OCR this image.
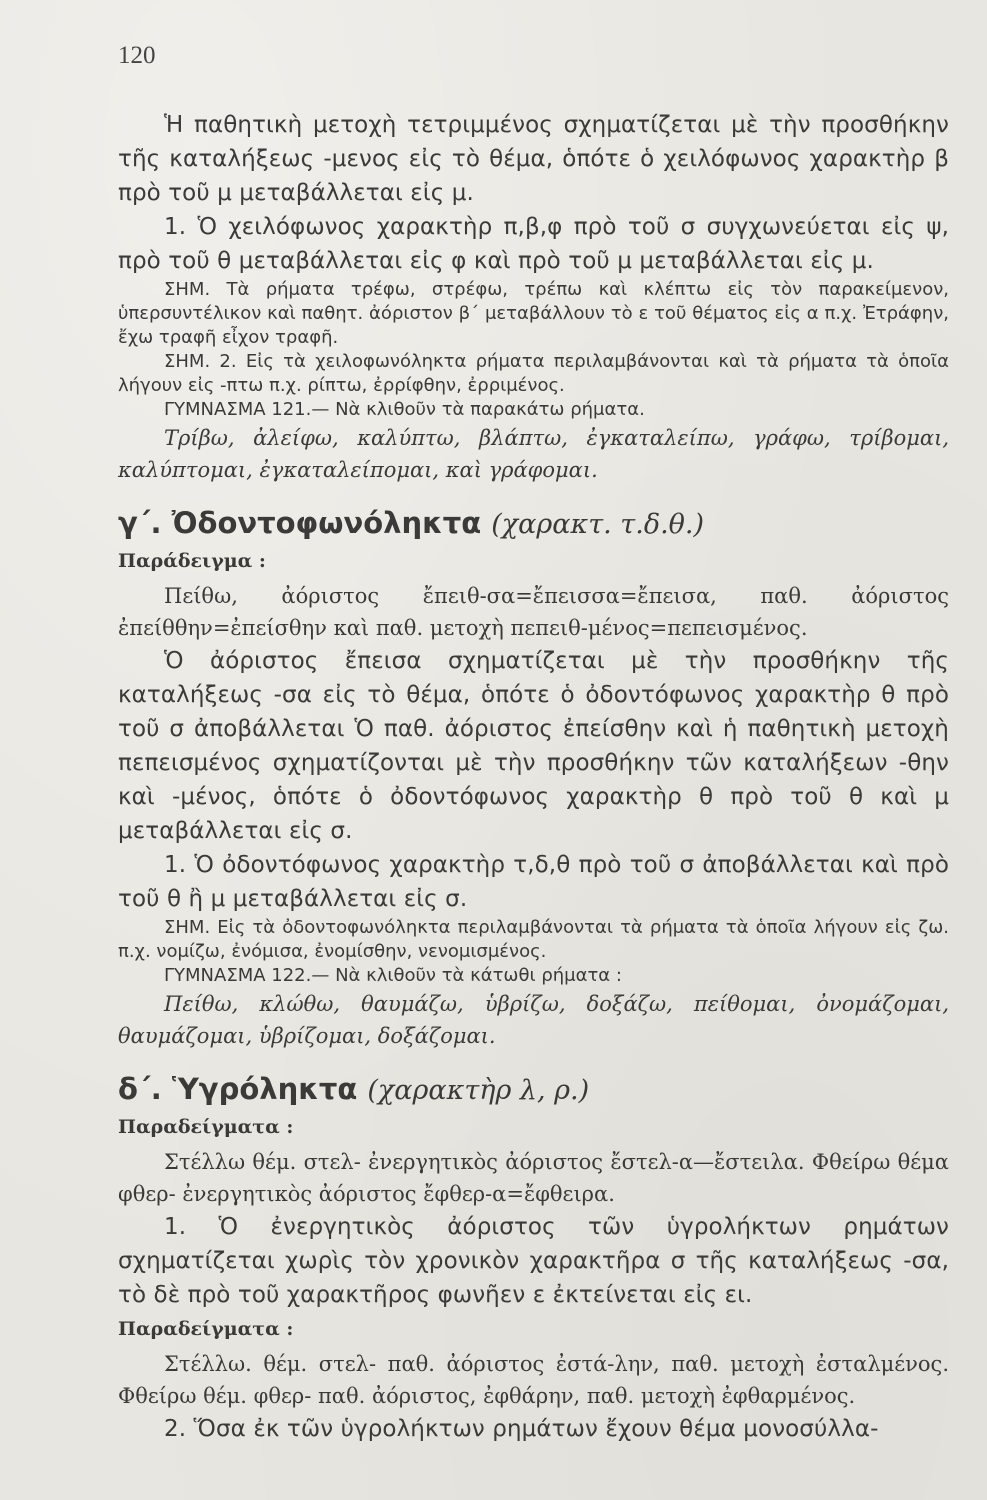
120

Ἡ παθητικὴ μετοχὴ τετριμμένος σχηματίζεται μὲ τὴν προσθήκην τῆς καταλήξεως -μενος εἰς τὸ θέμα, ὁπότε ὁ χειλόφωνος χαρακτὴρ β πρὸ τοῦ μ μεταβάλλεται εἰς μ.

1. Ὁ χειλόφωνος χαρακτὴρ π,β,φ πρὸ τοῦ σ συγχωνεύεται εἰς ψ, πρὸ τοῦ θ μεταβάλλεται εἰς φ καὶ πρὸ τοῦ μ μεταβάλλεται εἰς μ.

ΣΗΜ. Τὰ ρήματα τρέφω, στρέφω, τρέπω καὶ κλέπτω εἰς τὸν παρακείμενον, ὑπερσυντέλικον καὶ παθητ. ἀόριστον β΄ μεταβάλλουν τὸ ε τοῦ θέματος εἰς α π.χ. Ἐτράφην, ἔχω τραφῆ εἶχον τραφῆ.

ΣΗΜ. 2. Εἰς τὰ χειλοφωνόληκτα ρήματα περιλαμβάνονται καὶ τὰ ρήματα τὰ ὁποῖα λήγουν εἰς -πτω π.χ. ρίπτω, ἐρρίφθην, ἐρριμένος.

ΓΥΜΝΑΣΜΑ 121.— Νὰ κλιθοῦν τὰ παρακάτω ρήματα.

Τρίβω, ἀλείφω, καλύπτω, βλάπτω, ἐγκαταλείπω, γράφω, τρίβομαι, καλύπτομαι, ἐγκαταλείπομαι, καὶ γράφομαι.

γ΄. Ὀδοντοφωνόληκτα (χαρακτ. τ.δ.θ.)
Παράδειγμα :

Πείθω, ἀόριστος ἔπειθ-σα=ἔπεισσα=ἔπεισα, παθ. ἀόριστος ἐπείθθην=ἐπείσθην καὶ παθ. μετοχὴ πεπειθ-μένος=πεπεισμένος.

Ὁ ἀόριστος ἔπεισα σχηματίζεται μὲ τὴν προσθήκην τῆς καταλήξεως -σα εἰς τὸ θέμα, ὁπότε ὁ ὀδοντόφωνος χαρακτὴρ θ πρὸ τοῦ σ ἀποβάλλεται Ὁ παθ. ἀόριστος ἐπείσθην καὶ ἡ παθητικὴ μετοχὴ πεπεισμένος σχηματίζονται μὲ τὴν προσθήκην τῶν καταλήξεων -θην καὶ -μένος, ὁπότε ὁ ὀδοντόφωνος χαρακτὴρ θ πρὸ τοῦ θ καὶ μ μεταβάλλεται εἰς σ.

1. Ὁ ὀδοντόφωνος χαρακτὴρ τ,δ,θ πρὸ τοῦ σ ἀποβάλλεται καὶ πρὸ τοῦ θ ἢ μ μεταβάλλεται εἰς σ.

ΣΗΜ. Εἰς τὰ ὀδοντοφωνόληκτα περιλαμβάνονται τὰ ρήματα τὰ ὁποῖα λήγουν εἰς ζω. π.χ. νομίζω, ἐνόμισα, ἐνομίσθην, νενομισμένος.

ΓΥΜΝΑΣΜΑ 122.— Νὰ κλιθοῦν τὰ κάτωθι ρήματα :

Πείθω, κλώθω, θαυμάζω, ὑβρίζω, δοξάζω, πείθομαι, ὀνομάζομαι, θαυμάζομαι, ὑβρίζομαι, δοξάζομαι.

δ΄. Ὑγρόληκτα (χαρακτὴρ λ, ρ.)
Παραδείγματα :

Στέλλω θέμ. στελ- ἐνεργητικὸς ἀόριστος ἔστελ-α—ἔστειλα. Φθείρω θέμα φθερ- ἐνεργητικὸς ἀόριστος ἔφθερ-α=ἔφθειρα.

1. Ὁ ἐνεργητικὸς ἀόριστος τῶν ὑγρολήκτων ρημάτων σχηματίζεται χωρὶς τὸν χρονικὸν χαρακτῆρα σ τῆς καταλήξεως -σα, τὸ δὲ πρὸ τοῦ χαρακτῆρος φωνῆεν ε ἐκτείνεται εἰς ει.

Παραδείγματα :

Στέλλω. θέμ. στελ- παθ. ἀόριστος ἐστά-λην, παθ. μετοχὴ ἐσταλμένος. Φθείρω θέμ. φθερ- παθ. ἀόριστος, ἐφθάρην, παθ. μετοχὴ ἐφθαρμένος.

2. Ὅσα ἐκ τῶν ὑγρολήκτων ρημάτων ἔχουν θέμα μονοσύλλα-
